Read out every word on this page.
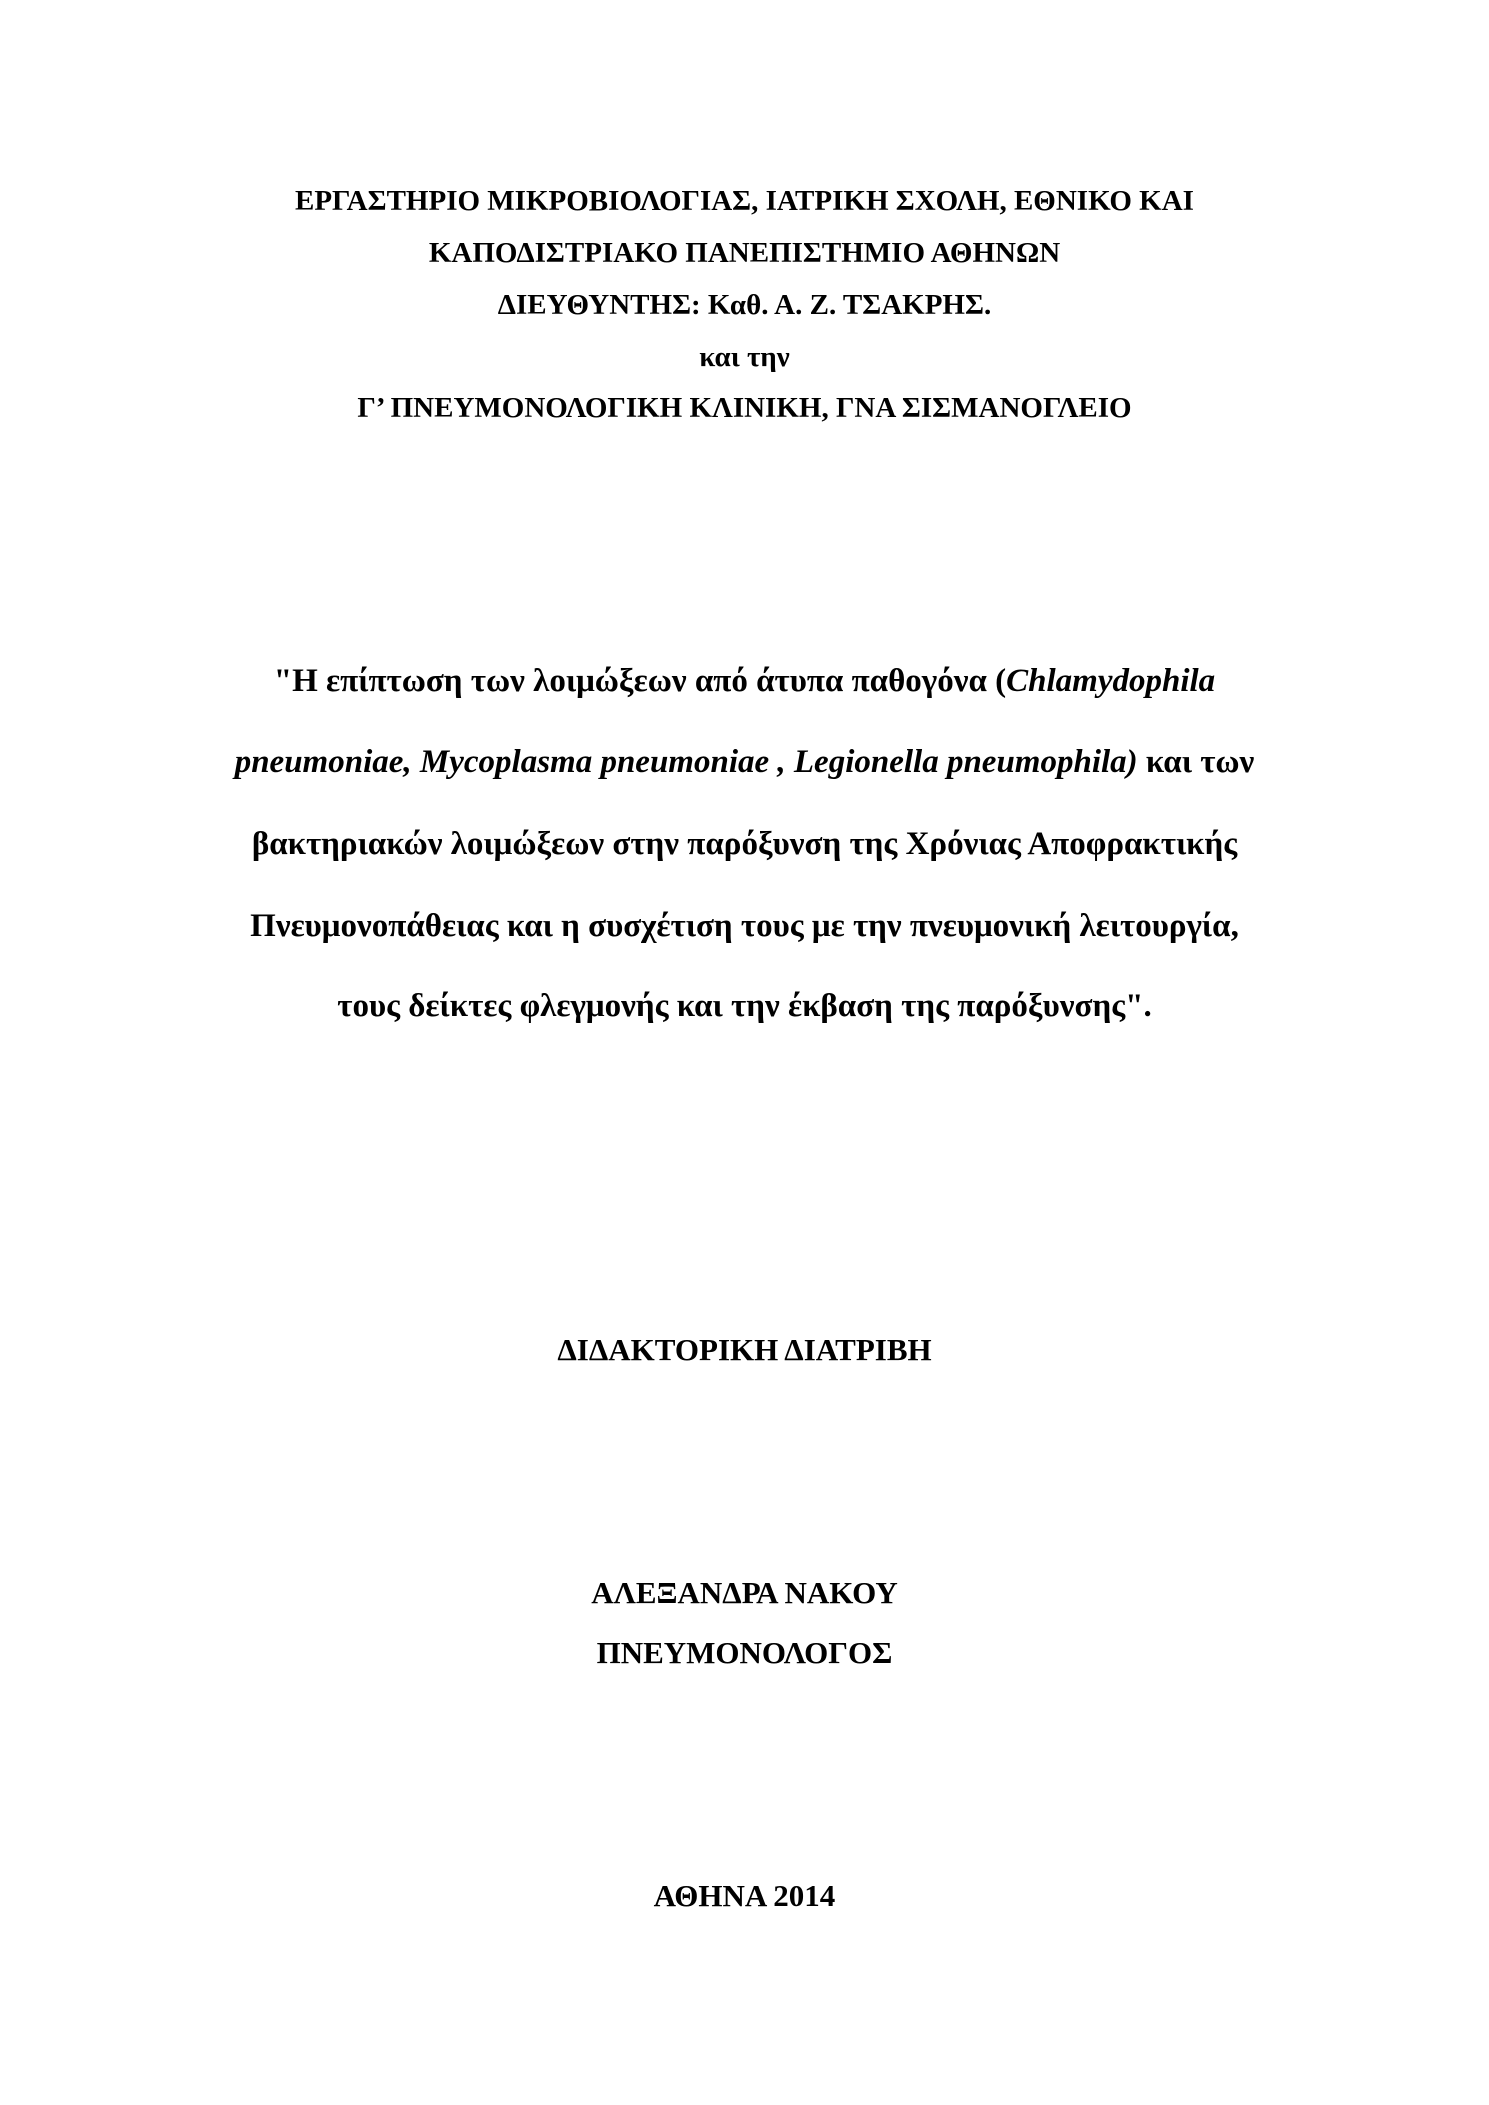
ΕΡΓΑΣΤΗΡΙΟ ΜΙΚΡΟΒΙΟΛΟΓΙΑΣ, ΙΑΤΡΙΚΗ ΣΧΟΛΗ, ΕΘΝΙΚΟ ΚΑΙ
ΚΑΠΟΔΙΣΤΡΙΑΚΟ ΠΑΝΕΠΙΣΤΗΜΙΟ ΑΘΗΝΩΝ
ΔΙΕΥΘΥΝΤΗΣ: Καθ. Α. Ζ. ΤΣΑΚΡΗΣ.
και την
Γ’ ΠΝΕΥΜΟΝΟΛΟΓΙΚΗ ΚΛΙΝΙΚΗ, ΓΝΑ ΣΙΣΜΑΝΟΓΛΕΙΟ
"Η επίπτωση των λοιμώξεων από άτυπα παθογόνα (Chlamydophila
pneumoniae, Mycoplasma pneumoniae , Legionella pneumophila) και των
βακτηριακών λοιμώξεων στην παρόξυνση της Χρόνιας Αποφρακτικής
Πνευμονοπάθειας και η συσχέτιση τους με την πνευμονική λειτουργία,
τους δείκτες φλεγμονής και την έκβαση της παρόξυνσης".
ΔΙΔΑΚΤΟΡΙΚΗ ΔΙΑΤΡΙΒΗ
ΑΛΕΞΑΝΔΡΑ ΝΑΚΟΥ
ΠΝΕΥΜΟΝΟΛΟΓΟΣ
ΑΘΗΝΑ 2014
